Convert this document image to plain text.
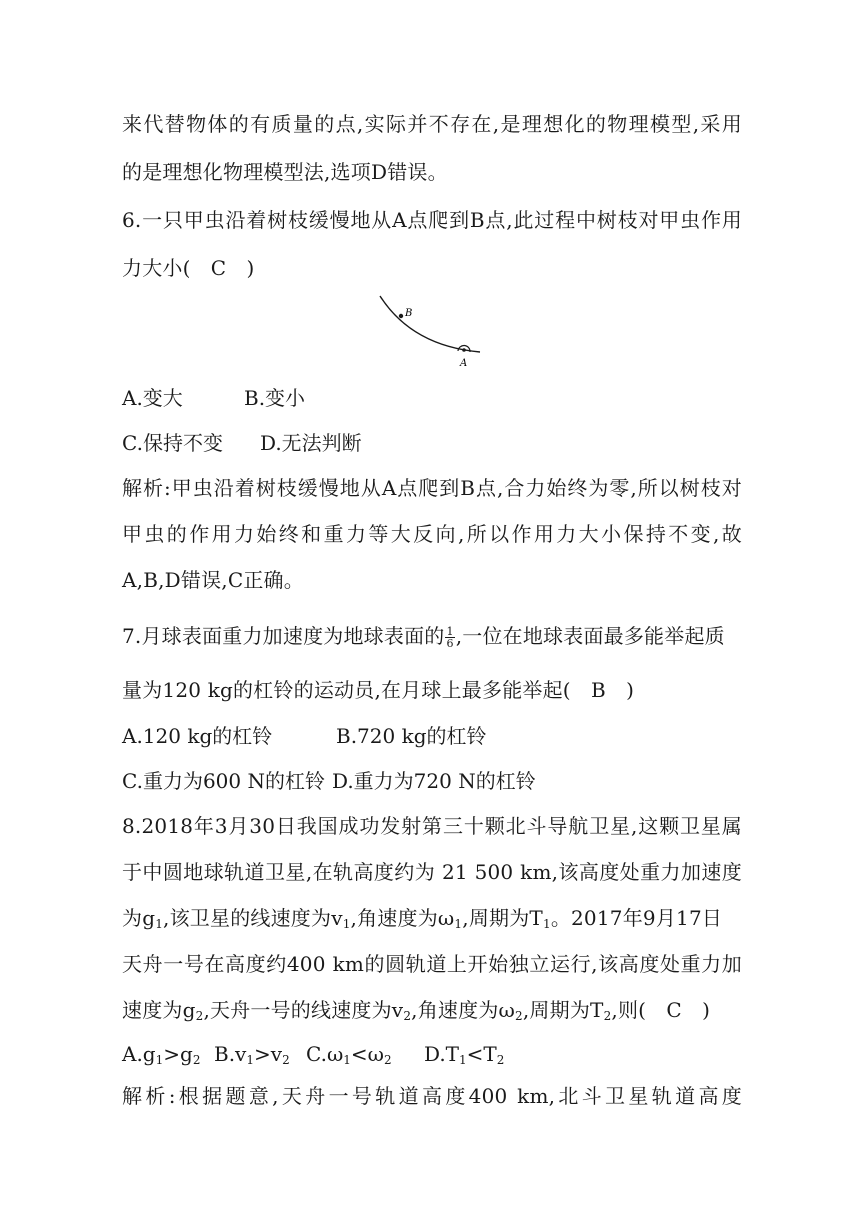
来代替物体的有质量的点,实际并不存在,是理想化的物理模型,采用
的是理想化物理模型法,选项D错误。
6.一只甲虫沿着树枝缓慢地从A点爬到B点,此过程中树枝对甲虫作用
力大小(　C　)
B
A
A.变大	B.变小
C.保持不变 D.无法判断
解析:甲虫沿着树枝缓慢地从A点爬到B点,合力始终为零,所以树枝对
甲虫的作用力始终和重力等大反向,所以作用力大小保持不变,故
A,B,D错误,C正确。
7.月球表面重力加速度为地球表面的 $\frac{1}{6}$ ,一位在地球表面最多能举起质
量为120 kg的杠铃的运动员,在月球上最多能举起(　B　)
A.120 kg的杠铃	B.720 kg的杠铃
C.重力为600 N的杠铃 D.重力为720 N的杠铃
8.2018年3月30日我国成功发射第三十颗北斗导航卫星,这颗卫星属
于中圆地球轨道卫星,在轨高度约为 21 500 km,该高度处重力加速度
为$g_1$,该卫星的线速度为$v_1$,角速度为$\omega_1$,周期为$T_1$。2017年9月17日
天舟一号在高度约400 km的圆轨道上开始独立运行,该高度处重力加
速度为$g_2$,天舟一号的线速度为$v_2$,角速度为$\omega_2$,周期为$T_2$,则(　C　)
$A.g_1>g_2$ $B.v_1>v_2$ $C.\omega_1<\omega_2$ $D.T_1<T_2$
解析:根据题意,天舟一号轨道高度400 km,北斗卫星轨道高度
